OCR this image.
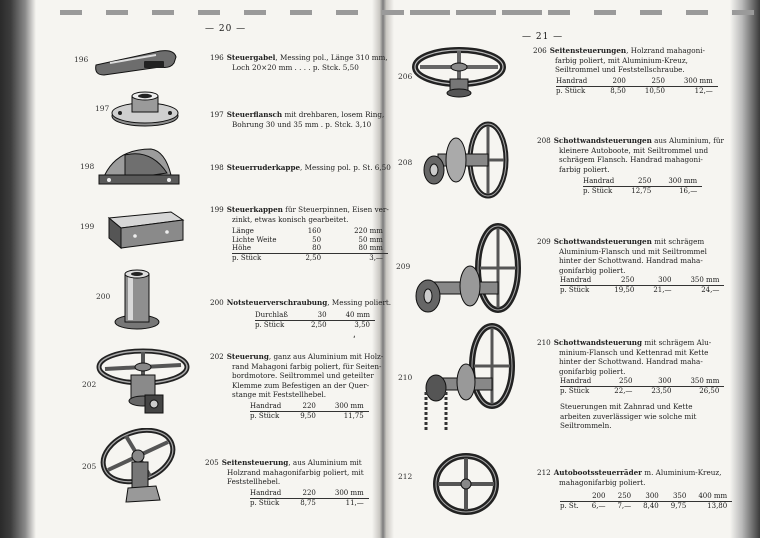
— 20 —
— 21 —
196	196 Steuergabel, Messing pol., Länge 310 mm,
Loch 20×20 mm . . . . p. Stck. 5,50
197
197 Steuerflansch mit drehbaren, losem Ring,
Bohrung 30 und 35 mm . p. Stck. 3,10
198	198 Steuerruderkappe, Messing pol. p. St. 6,50
199
199 Steuerkappen für Steuerpinnen, Eisen ver-
zinkt, etwas konisch gearbeitet.
Länge	160	220 mm
Lichte Weite	50	50 mm
Höhe	80	80 mm
p. Stück	2,50	3,—
200
200 Notsteuerverschraubung, Messing poliert.
Durchlaß	30	40 mm
p. Stück	2,50	3,50
202
202 Steuerung, ganz aus Aluminium mit Holz-
rand Mahagoni farbig poliert, für Seiten-
bordmotore. Seiltrommel und geteilter
Klemme zum Befestigen an der Quer-
stange mit Feststellhebel.
Handrad	220	300 mm
p. Stück	9,50	11,75
ʹ
205	205 Seitensteuerung, aus Aluminium mit
Holzrand mahagonifarbig poliert, mit
Feststellhebel.
Handrad	220	300 mm
p. Stück	8,75	11,—
206
206 Seitensteuerungen, Holzrand mahagoni-
farbig poliert, mit Aluminium-Kreuz,
Seiltrommel und Feststellschraube.
Handrad	200	250	300 mm
p. Stück	8,50	10,50	12,—
208
208 Schottwandsteuerungen aus Aluminium, für
kleinere Autoboote, mit Seiltrommel und
schrägem Flansch. Handrad mahagoni-
farbig poliert.
Handrad	250	300 mm
p. Stück	12,75	16,—
209
209 Schottwandsteuerungen mit schrägem
Aluminium-Flansch und mit Seiltrommel
hinter der Schottwand. Handrad maha-
gonifarbig poliert.
Handrad	250	300	350 mm
p. Stück	19,50	21,—	24,—
210
210 Schottwandsteuerung mit schrägem Alu-
minium-Flansch und Kettenrad mit Kette
hinter der Schottwand. Handrad maha-
gonifarbig poliert.
Handrad	250	300	350 mm
p. Stück	22,—	23,50	26,50
Steuerungen mit Zahnrad und Kette
arbeiten zuverlässiger wie solche mit
Seiltrommeln.
212	212 Autobootssteuerräder m. Aluminium-Kreuz,
mahagonifarbig poliert.
	200	250	300	350	400 mm
p. St.	6,—	7,—	8,40	9,75	13,80
